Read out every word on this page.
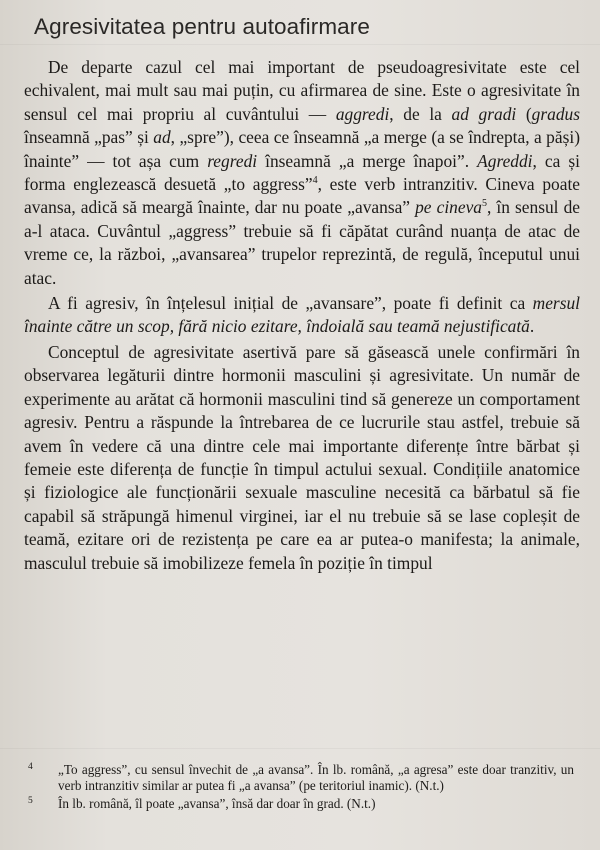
Agresivitatea pentru autoafirmare

De departe cazul cel mai important de pseudoagresivitate este cel echivalent, mai mult sau mai puțin, cu afirmarea de sine. Este o agresivitate în sensul cel mai propriu al cuvântului — aggredi, de la ad gradi (gradus înseamnă „pas” și ad, „spre”), ceea ce înseamnă „a merge (a se îndrepta, a păși) înainte” — tot așa cum regredi înseamnă „a merge înapoi”. Agreddi, ca și forma englezească desuetă „to aggress”$^4$, este verb intranzitiv. Cineva poate avansa, adică să meargă înainte, dar nu poate „avansa” pe cineva$^5$, în sensul de a-l ataca. Cuvântul „aggress” trebuie să fi căpătat curând nuanța de atac de vreme ce, la război, „avansarea” trupelor reprezintă, de regulă, începutul unui atac.

A fi agresiv, în înțelesul inițial de „avansare”, poate fi definit ca mersul înainte către un scop, fără nicio ezitare, îndoială sau teamă nejustificată.

Conceptul de agresivitate asertivă pare să găsească unele confirmări în observarea legăturii dintre hormonii masculini și agresivitate. Un număr de experimente au arătat că hormonii masculini tind să genereze un comportament agresiv. Pentru a răspunde la întrebarea de ce lucrurile stau astfel, trebuie să avem în vedere că una dintre cele mai importante diferențe între bărbat și femeie este diferența de funcție în timpul actului sexual. Condițiile anatomice și fiziologice ale funcționării sexuale masculine necesită ca bărbatul să fie capabil să străpungă himenul virginei, iar el nu trebuie să se lase copleșit de teamă, ezitare ori de rezistența pe care ea ar putea-o manifesta; la animale, masculul trebuie să imobilizeze femela în poziție în timpul

4 „To aggress”, cu sensul învechit de „a avansa”. În lb. română, „a agresa” este doar tranzitiv, un verb intranzitiv similar ar putea fi „a avansa” (pe teritoriul inamic). (N.t.)
5 În lb. română, îl poate „avansa”, însă dar doar în grad. (N.t.)
